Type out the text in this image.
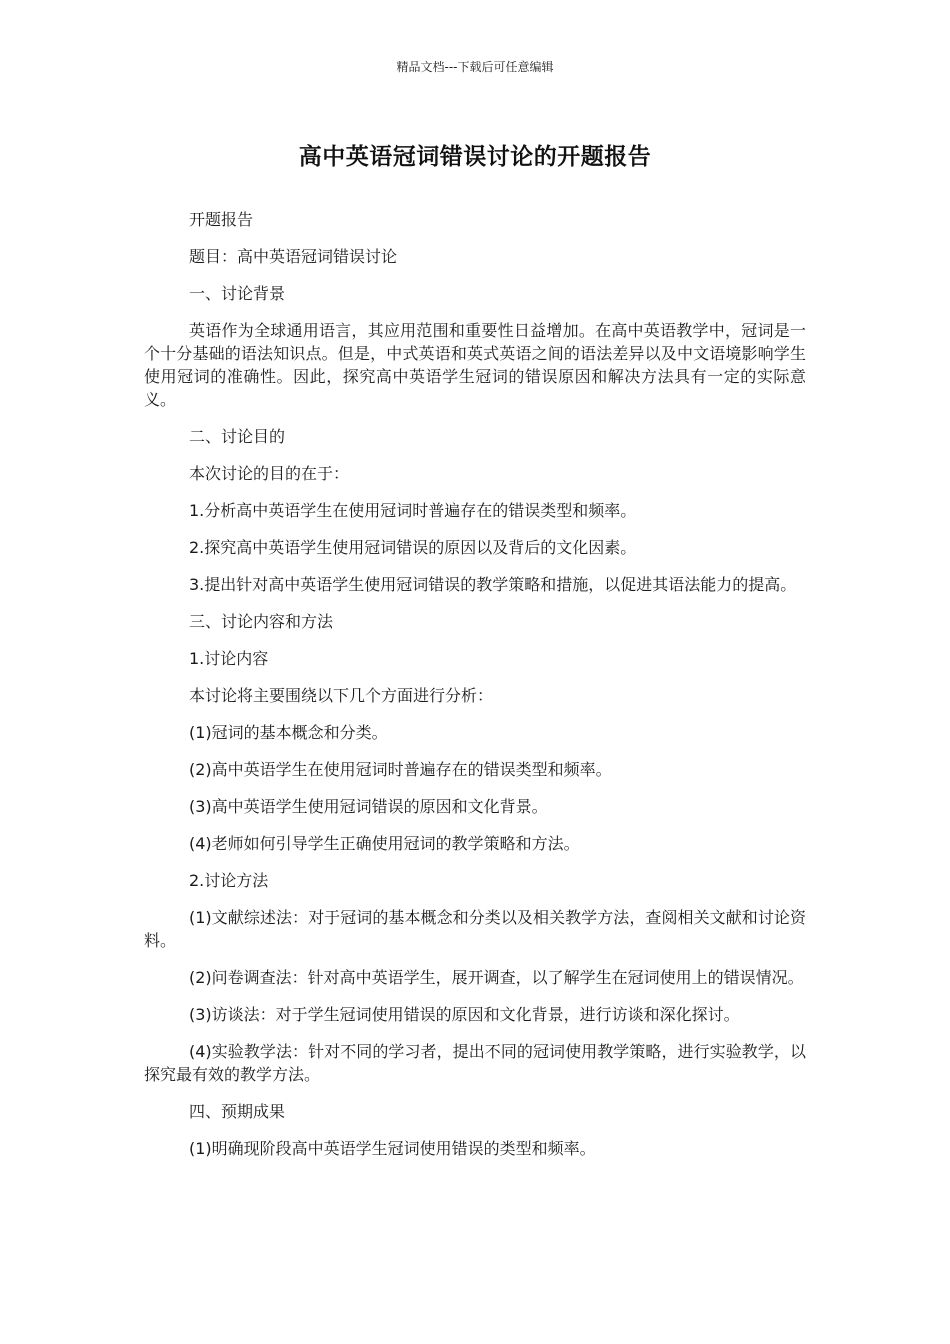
精品文档---下载后可任意编辑
高中英语冠词错误讨论的开题报告

开题报告

题目：高中英语冠词错误讨论

一、讨论背景

英语作为全球通用语言，其应用范围和重要性日益增加。在高中英语教学中，冠词是一个十分基础的语法知识点。但是，中式英语和英式英语之间的语法差异以及中文语境影响学生使用冠词的准确性。因此，探究高中英语学生冠词的错误原因和解决方法具有一定的实际意义。

二、讨论目的

本次讨论的目的在于：

1.分析高中英语学生在使用冠词时普遍存在的错误类型和频率。

2.探究高中英语学生使用冠词错误的原因以及背后的文化因素。

3.提出针对高中英语学生使用冠词错误的教学策略和措施，以促进其语法能力的提高。

三、讨论内容和方法

1.讨论内容

本讨论将主要围绕以下几个方面进行分析：

(1)冠词的基本概念和分类。

(2)高中英语学生在使用冠词时普遍存在的错误类型和频率。

(3)高中英语学生使用冠词错误的原因和文化背景。

(4)老师如何引导学生正确使用冠词的教学策略和方法。

2.讨论方法

(1)文献综述法：对于冠词的基本概念和分类以及相关教学方法，查阅相关文献和讨论资料。

(2)问卷调查法：针对高中英语学生，展开调查，以了解学生在冠词使用上的错误情况。

(3)访谈法：对于学生冠词使用错误的原因和文化背景，进行访谈和深化探讨。

(4)实验教学法：针对不同的学习者，提出不同的冠词使用教学策略，进行实验教学，以探究最有效的教学方法。

四、预期成果

(1)明确现阶段高中英语学生冠词使用错误的类型和频率。
